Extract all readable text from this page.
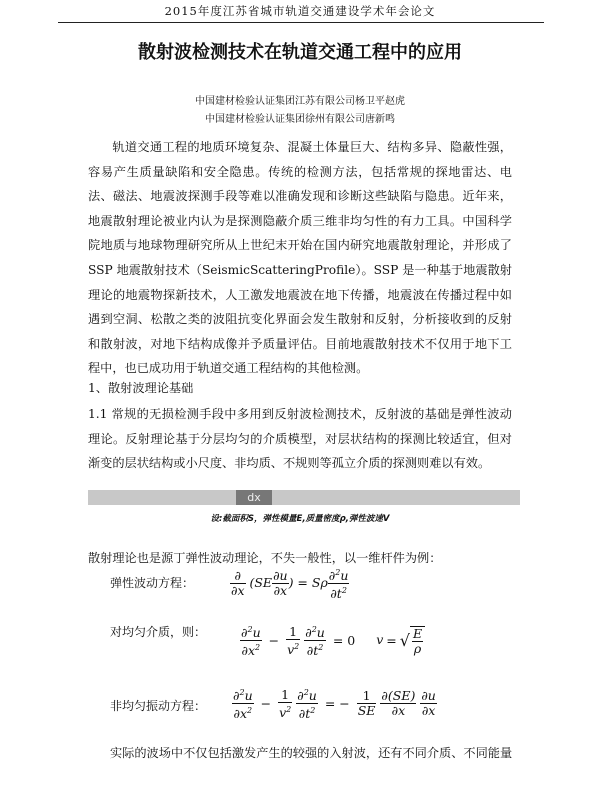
2015年度江苏省城市轨道交通建设学术年会论文
散射波检测技术在轨道交通工程中的应用
中国建材检验认证集团江苏有限公司杨卫平赵虎
中国建材检验认证集团徐州有限公司唐新鸣

轨道交通工程的地质环境复杂、混凝土体量巨大、结构多异、隐蔽性强，容易产生质量缺陷和安全隐患。传统的检测方法，包括常规的探地雷达、电法、磁法、地震波探测手段等难以准确发现和诊断这些缺陷与隐患。近年来，地震散射理论被业内认为是探测隐蔽介质三维非均匀性的有力工具。中国科学院地质与地球物理研究所从上世纪末开始在国内研究地震散射理论，并形成了 SSP 地震散射技术（SeismicScatteringProfile）。SSP 是一种基于地震散射理论的地震物探新技术，人工激发地震波在地下传播，地震波在传播过程中如遇到空洞、松散之类的波阻抗变化界面会发生散射和反射，分析接收到的反射和散射波，对地下结构成像并予质量评估。目前地震散射技术不仅用于地下工程中，也已成功用于轨道交通工程结构的其他检测。

1、散射波理论基础

1.1 常规的无损检测手段中多用到反射波检测技术，反射波的基础是弹性波动理论。反射理论基于分层均匀的介质模型，对层状结构的探测比较适宜，但对渐变的层状结构或小尺度、非均质、不规则等孤立介质的探测则难以有效。

dx
设:截面积S，弹性模量E,质量密度ρ,弹性波速V
散射理论也是源丁弹性波动理论，不失一般性，以一维杆件为例：
弹性波动方程：	$\frac{\partial}{\partial x} (SE \frac{\partial u}{\partial x}$ ) = Sρ $\frac{\partial^2u}{\partial t^2}$
对均匀介质，则：	$\frac{\partial^2u}{\partial x^2} - \frac{1}{v^2}$
$\frac{\partial^2u}{\partial t^2} = 0$ v = √ $\frac{E}{\rho}$
非均匀振动方程： $\frac{\partial^2u}{\partial x^2} - \frac{1}{v^2}$
$\frac{\partial^2u}{\partial t^2}$ = − $\frac{1}{SE}$
$\frac{\partial(SE)}{\partial x}$
$\frac{\partial u}{\partial x}$
实际的波场中不仅包括激发产生的较强的入射波，还有不同介质、不同能量
